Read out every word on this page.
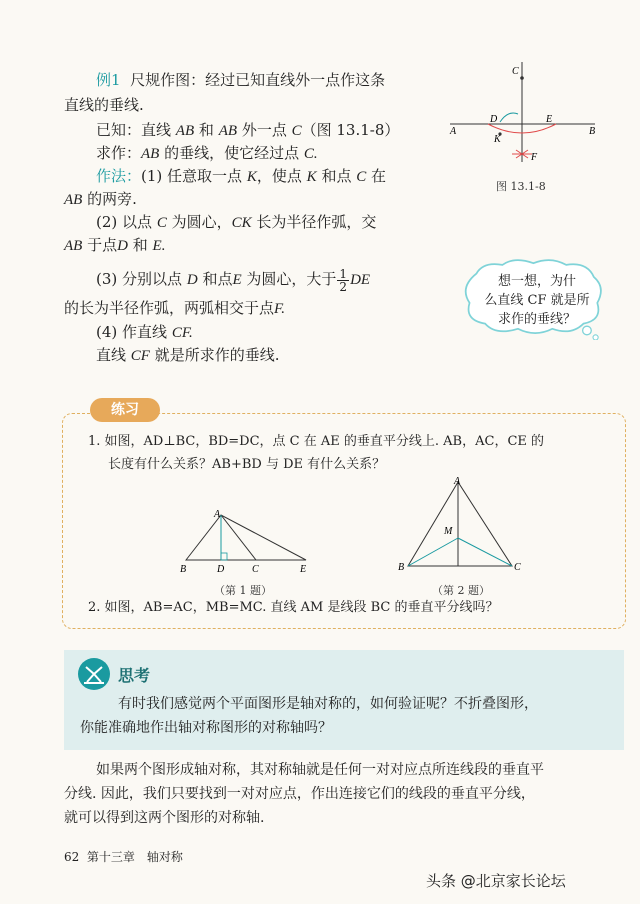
例1 尺规作图：经过已知直线外一点作这条
直线的垂线.
已知：直线 AB 和 AB 外一点 C（图 13.1-8）
求作：AB 的垂线，使它经过点 C.
作法：(1) 任意取一点 K，使点 K 和点 C 在
AB 的两旁.
(2) 以点 C 为圆心，CK 长为半径作弧，交
AB 于点D 和 E.
(3) 分别以点 D 和点E 为圆心，大于 $\frac{1}{2}$ DE
的长为半径作弧，两弧相交于点F.
(4) 作直线 CF.
直线 CF 就是所求作的垂线.
C
A	B
D	E
K
F
图 13.1-8
想一想，为什
么直线 CF 就是所
求作的垂线？
练习
1. 如图，AD⊥BC，BD=DC，点 C 在 AE 的垂直平分线上. AB，AC，CE 的
长度有什么关系？AB+BD 与 DE 有什么关系？
A
B	D	C	E
（第 1 题）
A
M
B	C
（第 2 题）
2. 如图，AB=AC，MB=MC. 直线 AM 是线段 BC 的垂直平分线吗？
思考
有时我们感觉两个平面图形是轴对称的，如何验证呢？不折叠图形，
你能准确地作出轴对称图形的对称轴吗？
如果两个图形成轴对称，其对称轴就是任何一对对应点所连线段的垂直平
分线. 因此，我们只要找到一对对应点，作出连接它们的线段的垂直平分线，
就可以得到这两个图形的对称轴.
62 第十三章　轴对称
头条 @北京家长论坛
